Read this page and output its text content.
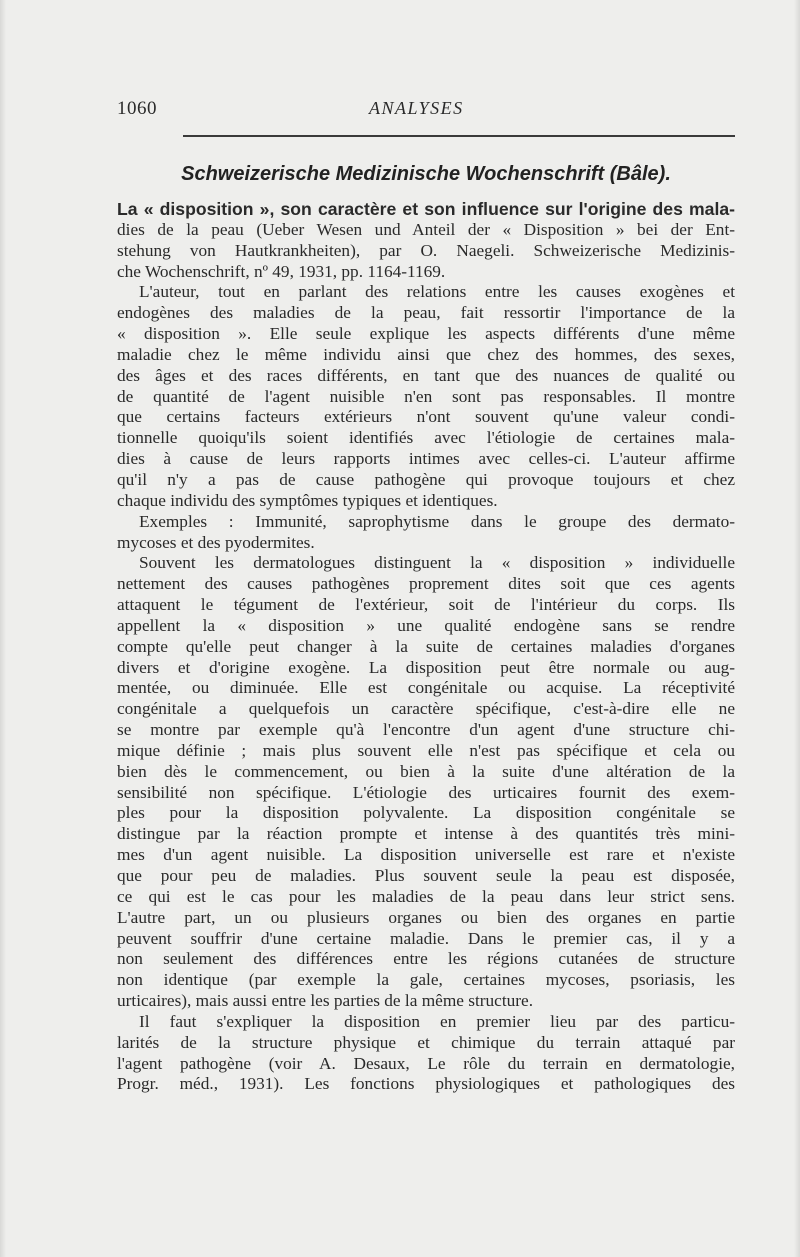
1060	ANALYSES
Schweizerische Medizinische Wochenschrift (Bâle).
La « disposition », son caractère et son influence sur l'origine des mala-
dies de la peau (Ueber Wesen und Anteil der « Disposition » bei der Ent-
stehung von Hautkrankheiten), par O. Naegeli. Schweizerische Medizinis-
che Wochenschrift, nº 49, 1931, pp. 1164-1169.
L'auteur, tout en parlant des relations entre les causes exogènes et
endogènes des maladies de la peau, fait ressortir l'importance de la
« disposition ». Elle seule explique les aspects différents d'une même
maladie chez le même individu ainsi que chez des hommes, des sexes,
des âges et des races différents, en tant que des nuances de qualité ou
de quantité de l'agent nuisible n'en sont pas responsables. Il montre
que certains facteurs extérieurs n'ont souvent qu'une valeur condi-
tionnelle quoiqu'ils soient identifiés avec l'étiologie de certaines mala-
dies à cause de leurs rapports intimes avec celles-ci. L'auteur affirme
qu'il n'y a pas de cause pathogène qui provoque toujours et chez
chaque individu des symptômes typiques et identiques.
Exemples : Immunité, saprophytisme dans le groupe des dermato-
mycoses et des pyodermites.
Souvent les dermatologues distinguent la « disposition » individuelle
nettement des causes pathogènes proprement dites soit que ces agents
attaquent le tégument de l'extérieur, soit de l'intérieur du corps. Ils
appellent la « disposition » une qualité endogène sans se rendre
compte qu'elle peut changer à la suite de certaines maladies d'organes
divers et d'origine exogène. La disposition peut être normale ou aug-
mentée, ou diminuée. Elle est congénitale ou acquise. La réceptivité
congénitale a quelquefois un caractère spécifique, c'est-à-dire elle ne
se montre par exemple qu'à l'encontre d'un agent d'une structure chi-
mique définie ; mais plus souvent elle n'est pas spécifique et cela ou
bien dès le commencement, ou bien à la suite d'une altération de la
sensibilité non spécifique. L'étiologie des urticaires fournit des exem-
ples pour la disposition polyvalente. La disposition congénitale se
distingue par la réaction prompte et intense à des quantités très mini-
mes d'un agent nuisible. La disposition universelle est rare et n'existe
que pour peu de maladies. Plus souvent seule la peau est disposée,
ce qui est le cas pour les maladies de la peau dans leur strict sens.
L'autre part, un ou plusieurs organes ou bien des organes en partie
peuvent souffrir d'une certaine maladie. Dans le premier cas, il y a
non seulement des différences entre les régions cutanées de structure
non identique (par exemple la gale, certaines mycoses, psoriasis, les
urticaires), mais aussi entre les parties de la même structure.
Il faut s'expliquer la disposition en premier lieu par des particu-
larités de la structure physique et chimique du terrain attaqué par
l'agent pathogène (voir A. Desaux, Le rôle du terrain en dermatologie,
Progr. méd., 1931). Les fonctions physiologiques et pathologiques des
